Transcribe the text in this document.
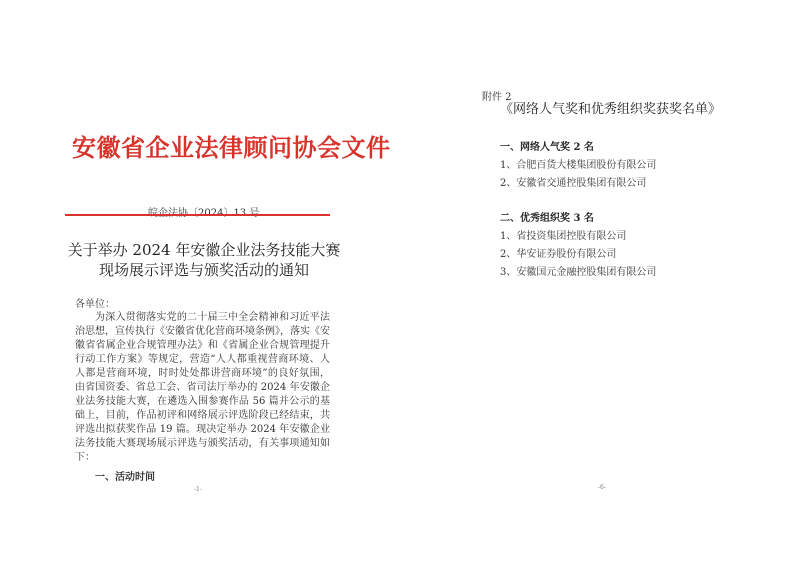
安徽省企业法律顾问协会文件
关于举办 2024 年安徽企业法务技能大赛
现场展示评选与颁奖活动的通知
各单位：
为深入贯彻落实党的二十届三中全会精神和习近平法治思想，宣传执行《安徽省优化营商环境条例》，落实《安徽省省属企业合规管理办法》和《省属企业合规管理提升行动工作方案》等规定，营造“人人都重视营商环境、人人都是营商环境，时时处处都讲营商环境”的良好氛围，由省国资委、省总工会、省司法厅举办的 2024 年安徽企业法务技能大赛，在遴选入围参赛作品 56 篇并公示的基础上，目前，作品初评和网络展示评选阶段已经结束，共评选出拟获奖作品 19 篇。现决定举办 2024 年安徽企业法务技能大赛现场展示评选与颁奖活动，有关事项通知如下：
一、活动时间
-1-
附件 2
《网络人气奖和优秀组织奖获奖名单》
一、网络人气奖 2 名
1、合肥百货大楼集团股份有限公司
2、安徽省交通控股集团有限公司
二、优秀组织奖 3 名
1、省投资集团控股有限公司
2、华安证券股份有限公司
3、安徽国元金融控股集团有限公司
-6-
